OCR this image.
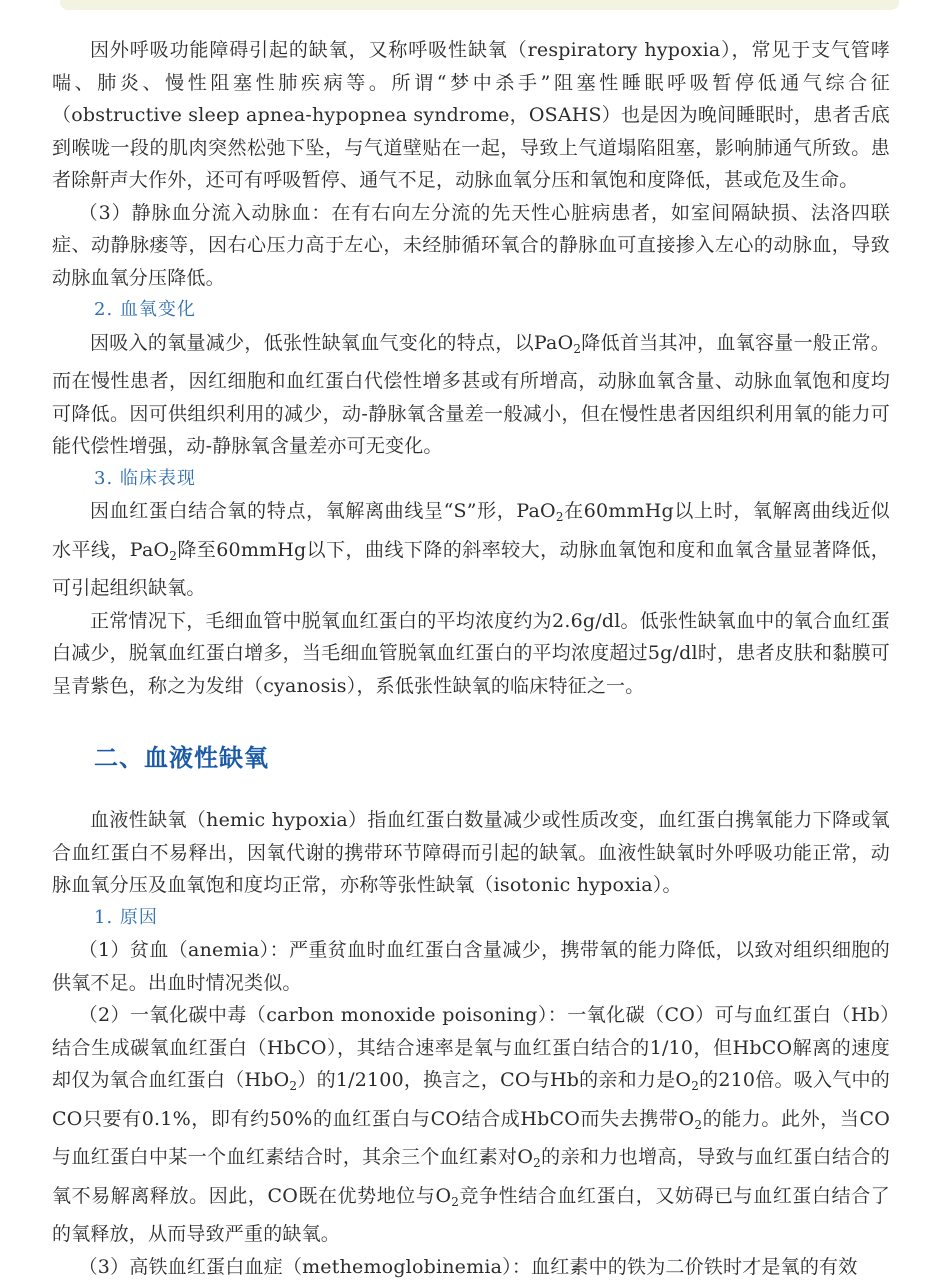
因外呼吸功能障碍引起的缺氧，又称呼吸性缺氧（respiratory hypoxia），常见于支气管哮喘、肺炎、慢性阻塞性肺疾病等。所谓“梦中杀手”阻塞性睡眠呼吸暂停低通气综合征（obstructive sleep apnea-hypopnea syndrome，OSAHS）也是因为晚间睡眠时，患者舌底到喉咙一段的肌肉突然松弛下坠，与气道壁贴在一起，导致上气道塌陷阻塞，影响肺通气所致。患者除鼾声大作外，还可有呼吸暂停、通气不足，动脉血氧分压和氧饱和度降低，甚或危及生命。

（3）静脉血分流入动脉血：在有右向左分流的先天性心脏病患者，如室间隔缺损、法洛四联症、动静脉瘘等，因右心压力高于左心，未经肺循环氧合的静脉血可直接掺入左心的动脉血，导致动脉血氧分压降低。

2. 血氧变化

因吸入的氧量减少，低张性缺氧血气变化的特点，以PaO$_2$降低首当其冲，血氧容量一般正常。而在慢性患者，因红细胞和血红蛋白代偿性增多甚或有所增高，动脉血氧含量、动脉血氧饱和度均可降低。因可供组织利用的减少，动-静脉氧含量差一般减小，但在慢性患者因组织利用氧的能力可能代偿性增强，动-静脉氧含量差亦可无变化。

3. 临床表现

因血红蛋白结合氧的特点，氧解离曲线呈“S”形，PaO$_2$在60mmHg以上时，氧解离曲线近似水平线，PaO$_2$降至60mmHg以下，曲线下降的斜率较大，动脉血氧饱和度和血氧含量显著降低，可引起组织缺氧。

正常情况下，毛细血管中脱氧血红蛋白的平均浓度约为2.6g/dl。低张性缺氧血中的氧合血红蛋白减少，脱氧血红蛋白增多，当毛细血管脱氧血红蛋白的平均浓度超过5g/dl时，患者皮肤和黏膜可呈青紫色，称之为发绀（cyanosis），系低张性缺氧的临床特征之一。

二、血液性缺氧

血液性缺氧（hemic hypoxia）指血红蛋白数量减少或性质改变，血红蛋白携氧能力下降或氧合血红蛋白不易释出，因氧代谢的携带环节障碍而引起的缺氧。血液性缺氧时外呼吸功能正常，动脉血氧分压及血氧饱和度均正常，亦称等张性缺氧（isotonic hypoxia）。

1. 原因

（1）贫血（anemia）：严重贫血时血红蛋白含量减少，携带氧的能力降低，以致对组织细胞的供氧不足。出血时情况类似。

（2）一氧化碳中毒（carbon monoxide poisoning）：一氧化碳（CO）可与血红蛋白（Hb）结合生成碳氧血红蛋白（HbCO），其结合速率是氧与血红蛋白结合的1/10，但HbCO解离的速度却仅为氧合血红蛋白（HbO$_2$）的1/2100，换言之，CO与Hb的亲和力是$O_2$的210倍。吸入气中的CO只要有0.1%，即有约50%的血红蛋白与CO结合成HbCO而失去携带$O_2$的能力。此外，当CO与血红蛋白中某一个血红素结合时，其余三个血红素对$O_2$的亲和力也增高，导致与血红蛋白结合的氧不易解离释放。因此，CO既在优势地位与$O_2$竞争性结合血红蛋白，又妨碍已与血红蛋白结合了的氧释放，从而导致严重的缺氧。

（3）高铁血红蛋白血症（methemoglobinemia）：血红素中的铁为二价铁时才是氧的有效
